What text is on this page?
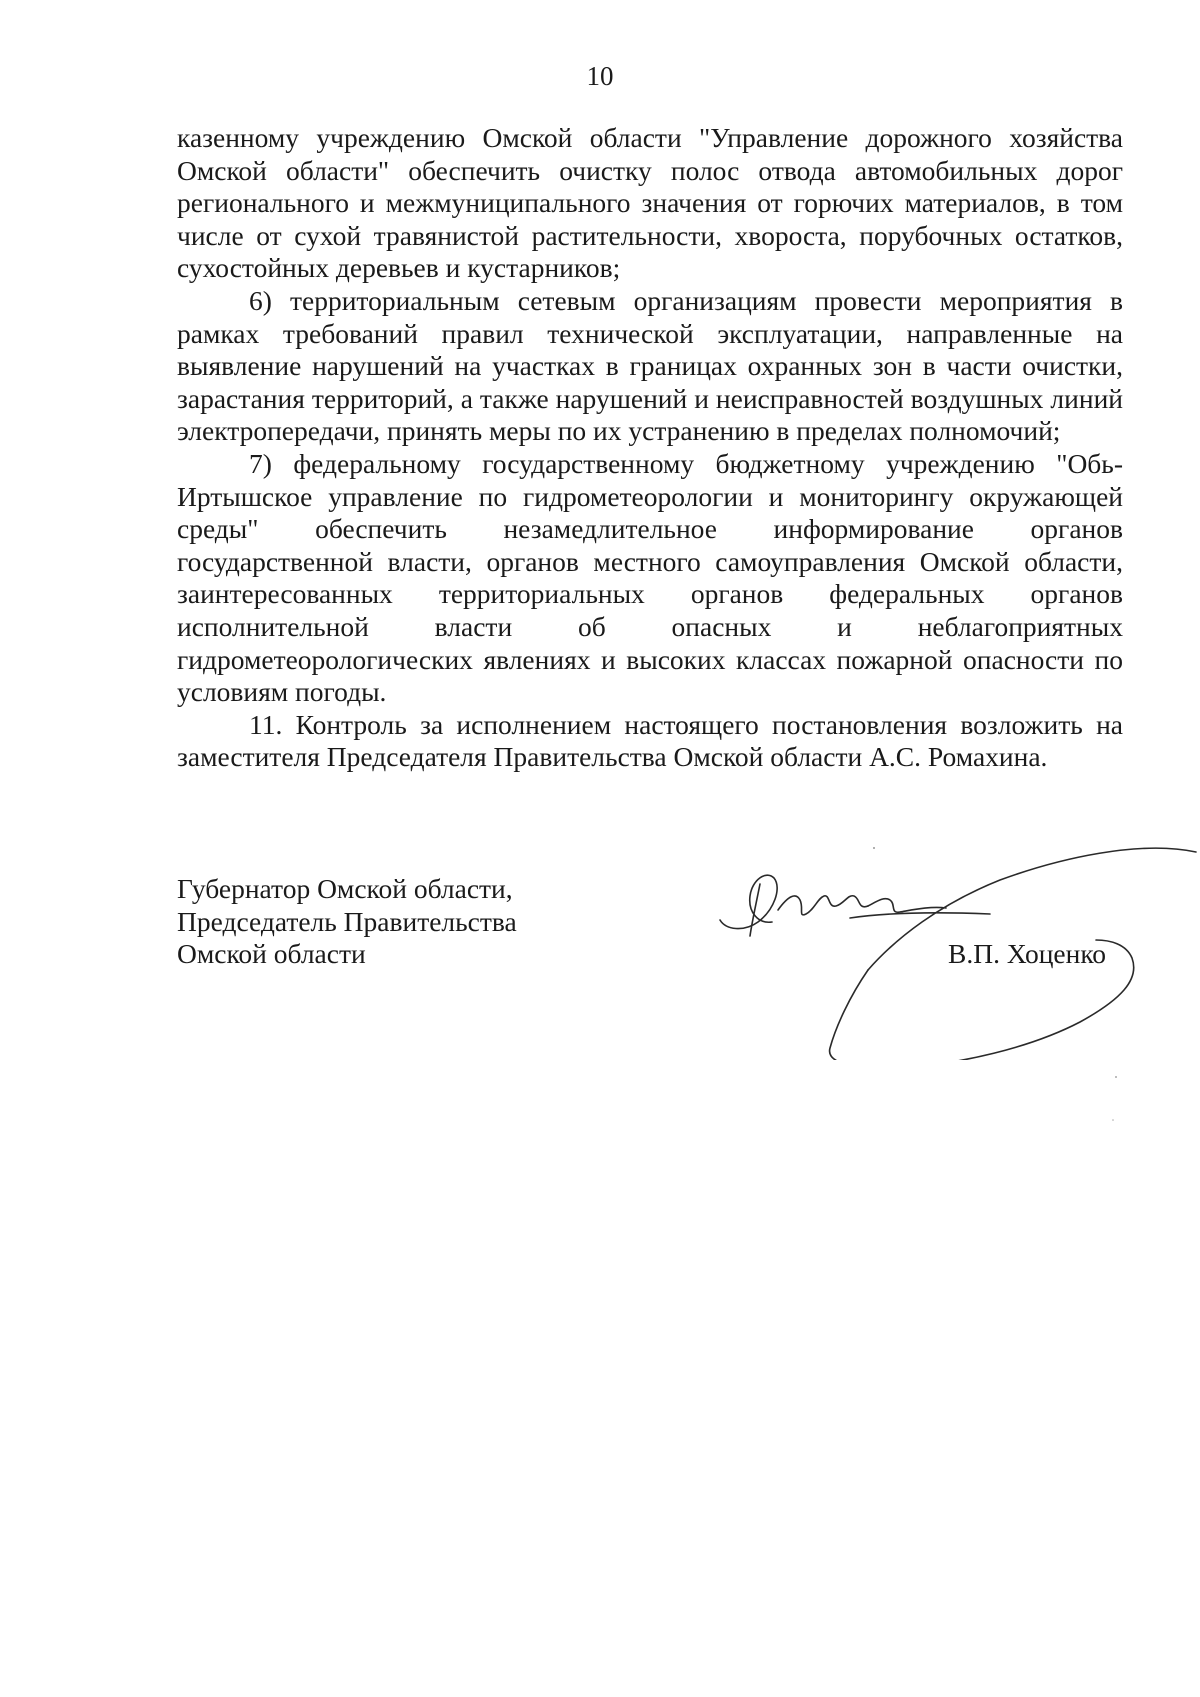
10

казенному учреждению Омской области "Управление дорожного хозяйства Омской области" обеспечить очистку полос отвода автомобильных дорог регионального и межмуниципального значения от горючих материалов, в том числе от сухой травянистой растительности, хвороста, порубочных остатков, сухостойных деревьев и кустарников;

6) территориальным сетевым организациям провести мероприятия в рамках требований правил технической эксплуатации, направленные на выявление нарушений на участках в границах охранных зон в части очистки, зарастания территорий, а также нарушений и неисправностей воздушных линий электропередачи, принять меры по их устранению в пределах полномочий;

7) федеральному государственному бюджетному учреждению "Обь-Иртышское управление по гидрометеорологии и мониторингу окружающей среды" обеспечить незамедлительное информирование органов государственной власти, органов местного самоуправления Омской области, заинтересованных территориальных органов федеральных органов исполнительной власти об опасных и неблагоприятных гидрометеорологических явлениях и высоких классах пожарной опасности по условиям погоды.

11. Контроль за исполнением настоящего постановления возложить на заместителя Председателя Правительства Омской области А.С. Ромахина.

Губернатор Омской области,
Председатель Правительства
Омской области	В.П. Хоценко
